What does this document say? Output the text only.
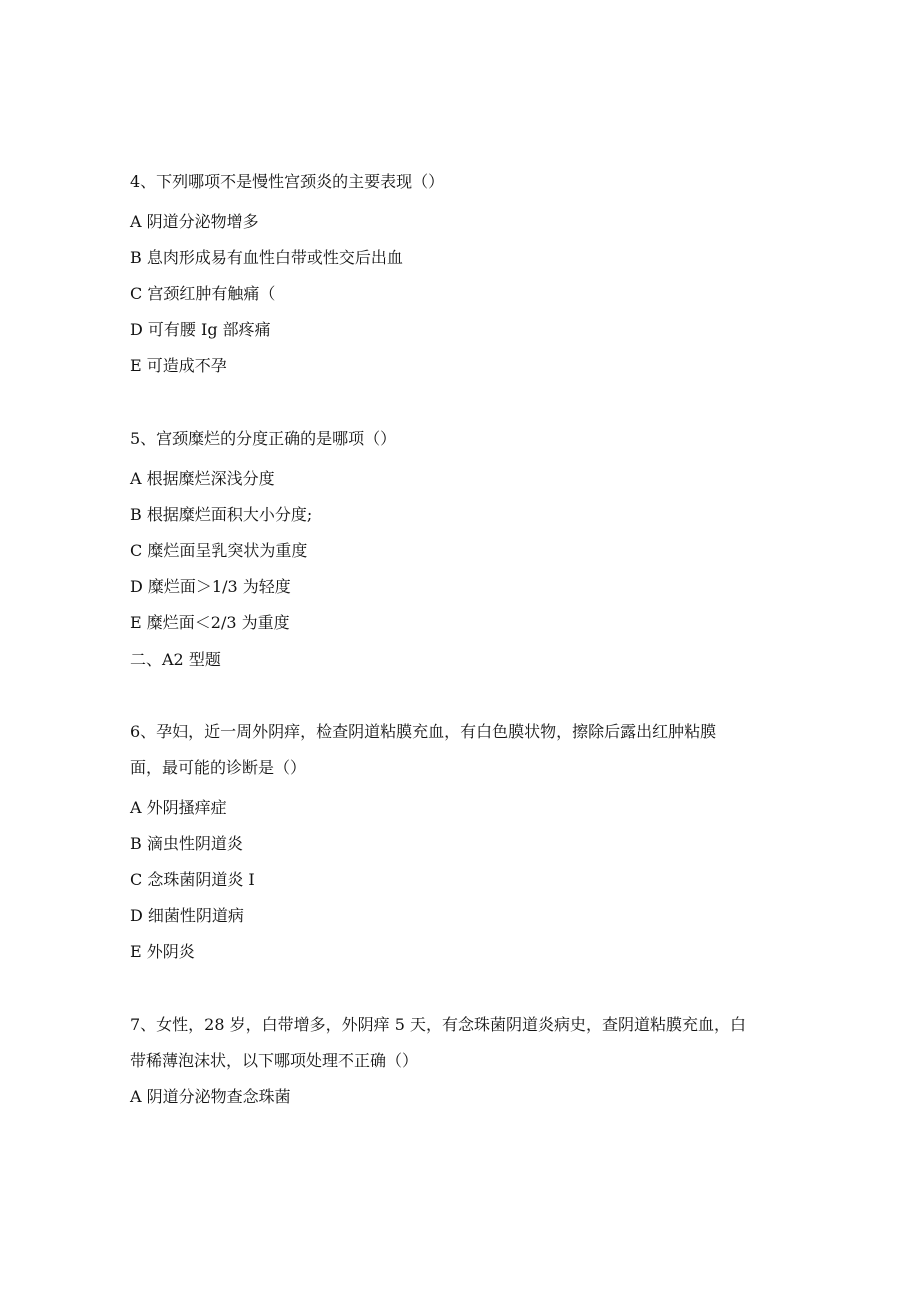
4、下列哪项不是慢性宫颈炎的主要表现（）
A 阴道分泌物增多
B 息肉形成易有血性白带或性交后出血
C 宫颈红肿有触痛（
D 可有腰 Ig 部疼痛
E 可造成不孕
5、宫颈糜烂的分度正确的是哪项（）
A 根据糜烂深浅分度
B 根据糜烂面积大小分度;
C 糜烂面呈乳突状为重度
D 糜烂面＞1/3 为轻度
E 糜烂面＜2/3 为重度
二、A2 型题
6、孕妇，近一周外阴痒，检查阴道粘膜充血，有白色膜状物，擦除后露出红肿粘膜
面，最可能的诊断是（）
A 外阴搔痒症
B 滴虫性阴道炎
C 念珠菌阴道炎 I
D 细菌性阴道病
E 外阴炎
7、女性，28 岁，白带增多，外阴痒 5 天，有念珠菌阴道炎病史，查阴道粘膜充血，白
带稀薄泡沫状，以下哪项处理不正确（）
A 阴道分泌物查念珠菌
